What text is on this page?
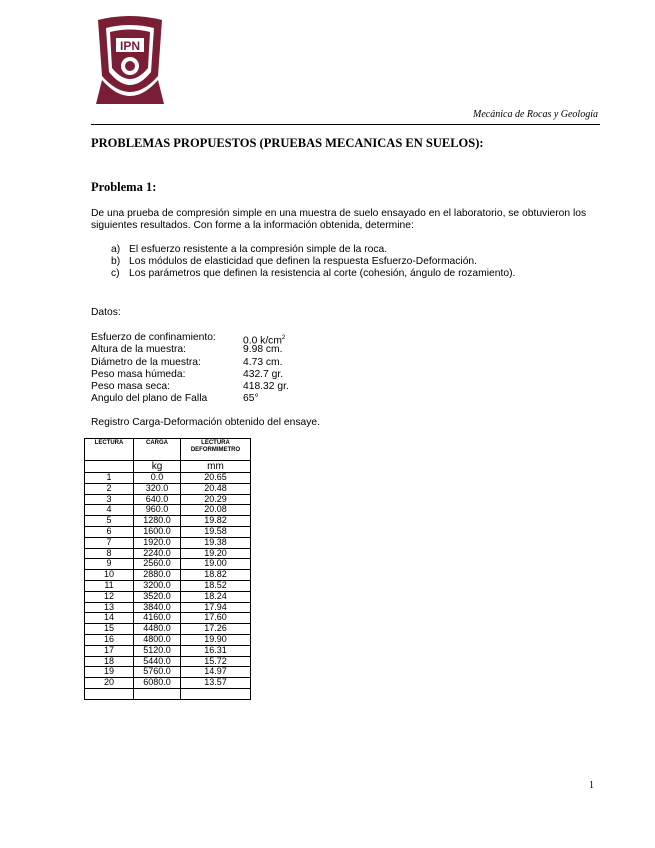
IPN
Mecánica de Rocas y Geología
PROBLEMAS PROPUESTOS (PRUEBAS MECANICAS EN SUELOS):
Problema 1:
De una prueba de compresión simple en una muestra de suelo ensayado en el laboratorio, se obtuvieron los siguientes resultados. Con forme a la información obtenida, determine:
a) El esfuerzo resistente a la compresión simple de la roca.
b) Los módulos de elasticidad que definen la respuesta Esfuerzo-Deformación.
c) Los parámetros que definen la resistencia al corte (cohesión, ángulo de rozamiento).
Datos:
Esfuerzo de confinamiento:	0.0 $k/cm^2$
Altura de la muestra:	9.98 cm.
Diámetro de la muestra:	4.73 cm.
Peso masa húmeda:	432.7 gr.
Peso masa seca:	418.32 gr.
Angulo del plano de Falla	65°
Registro Carga-Deformación obtenido del ensaye.
LECTURA	CARGA	LECTURA DEFORMIMETRO
	kg	mm
1	0.0	20.65
2	320.0	20.48
3	640.0	20.29
4	960.0	20.08
5	1280.0	19.82
6	1600.0	19.58
7	1920.0	19.38
8	2240.0	19.20
9	2560.0	19.00
10	2880.0	18.82
11	3200.0	18.52
12	3520.0	18.24
13	3840.0	17.94
14	4160.0	17.60
15	4480.0	17.26
16	4800.0	19.90
17	5120.0	16.31
18	5440.0	15.72
19	5760.0	14.97
20	6080.0	13.57

1
